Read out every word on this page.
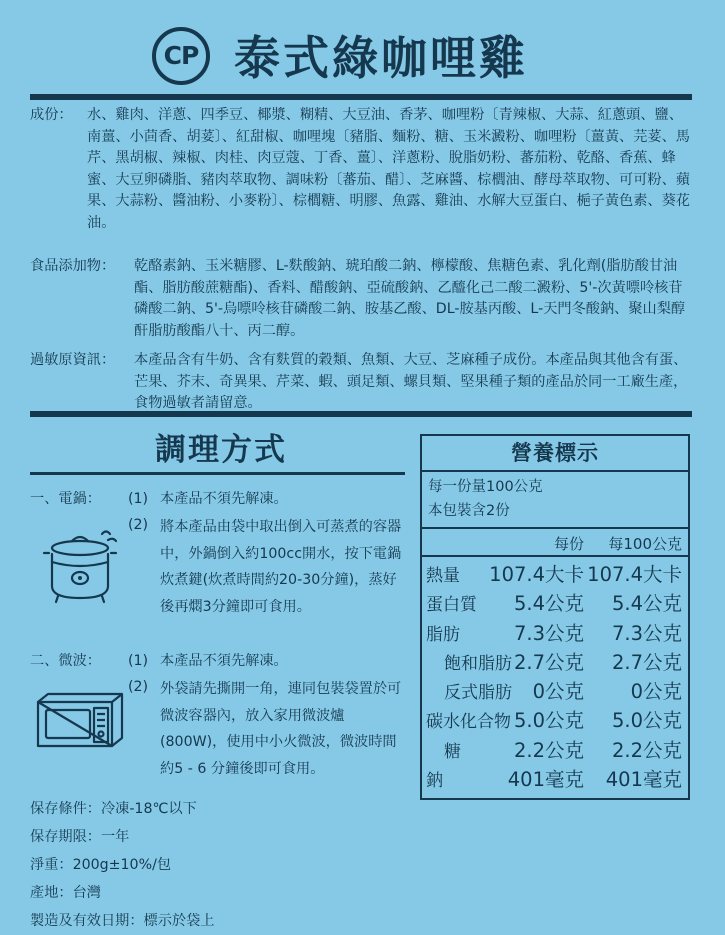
CP 泰式綠咖哩雞
成份： 水、雞肉、洋蔥、四季豆、椰漿、糊精、大豆油、香茅、咖哩粉〔青辣椒、大蒜、紅蔥頭、鹽、南薑、小茴香、胡荽〕、紅甜椒、咖哩塊〔豬脂、麵粉、糖、玉米澱粉、咖哩粉〔薑黃、芫荽、馬芹、黑胡椒、辣椒、肉桂、肉豆蔻、丁香、薑〕、洋蔥粉、脫脂奶粉、蕃茄粉、乾酪、香蕉、蜂蜜、大豆卵磷脂、豬肉萃取物、調味粉〔蕃茄、醋〕、芝麻醬、棕櫚油、酵母萃取物、可可粉、蘋果、大蒜粉、醬油粉、小麥粉〕、棕櫚糖、明膠、魚露、雞油、水解大豆蛋白、梔子黃色素、葵花油。
食品添加物： 乾酪素鈉、玉米糖膠、L-麩酸鈉、琥珀酸二鈉、檸檬酸、焦糖色素、乳化劑(脂肪酸甘油酯、脂肪酸蔗糖酯)、香料、醋酸鈉、亞硫酸鈉、乙醯化己二酸二澱粉、5'-次黃嘌呤核苷磷酸二鈉、5'-烏嘌呤核苷磷酸二鈉、胺基乙酸、DL-胺基丙酸、L-天門冬酸鈉、聚山梨醇酐脂肪酸酯八十、丙二醇。
過敏原資訊： 本產品含有牛奶、含有麩質的穀類、魚類、大豆、芝麻種子成份。本產品與其他含有蛋、芒果、芥末、奇異果、芹菜、蝦、頭足類、螺貝類、堅果種子類的產品於同一工廠生產，食物過敏者請留意。
調理方式
一、電鍋： (1) 本產品不須先解凍。
(2) 將本產品由袋中取出倒入可蒸煮的容器中，外鍋倒入約100cc開水，按下電鍋炊煮鍵(炊煮時間約20-30分鐘)，蒸好後再燜3分鐘即可食用。
二、微波： (1) 本產品不須先解凍。
(2) 外袋請先撕開一角，連同包裝袋置於可微波容器內，放入家用微波爐(800W)，使用中小火微波，微波時間約5 - 6 分鐘後即可食用。
營養標示
每一份量100公克
本包裝含2份
每份 每100公克
熱量 107.4大卡 107.4大卡
蛋白質 5.4公克 5.4公克
脂肪	7.3公克 7.3公克
飽和脂肪 2.7公克 2.7公克
反式脂肪 0公克 0公克
碳水化合物 5.0公克 5.0公克
糖	2.2公克 2.2公克
鈉	401毫克 401毫克
保存條件：冷凍-18℃以下
保存期限：一年
淨重：200g±10%/包
產地：台灣
製造及有效日期：標示於袋上
